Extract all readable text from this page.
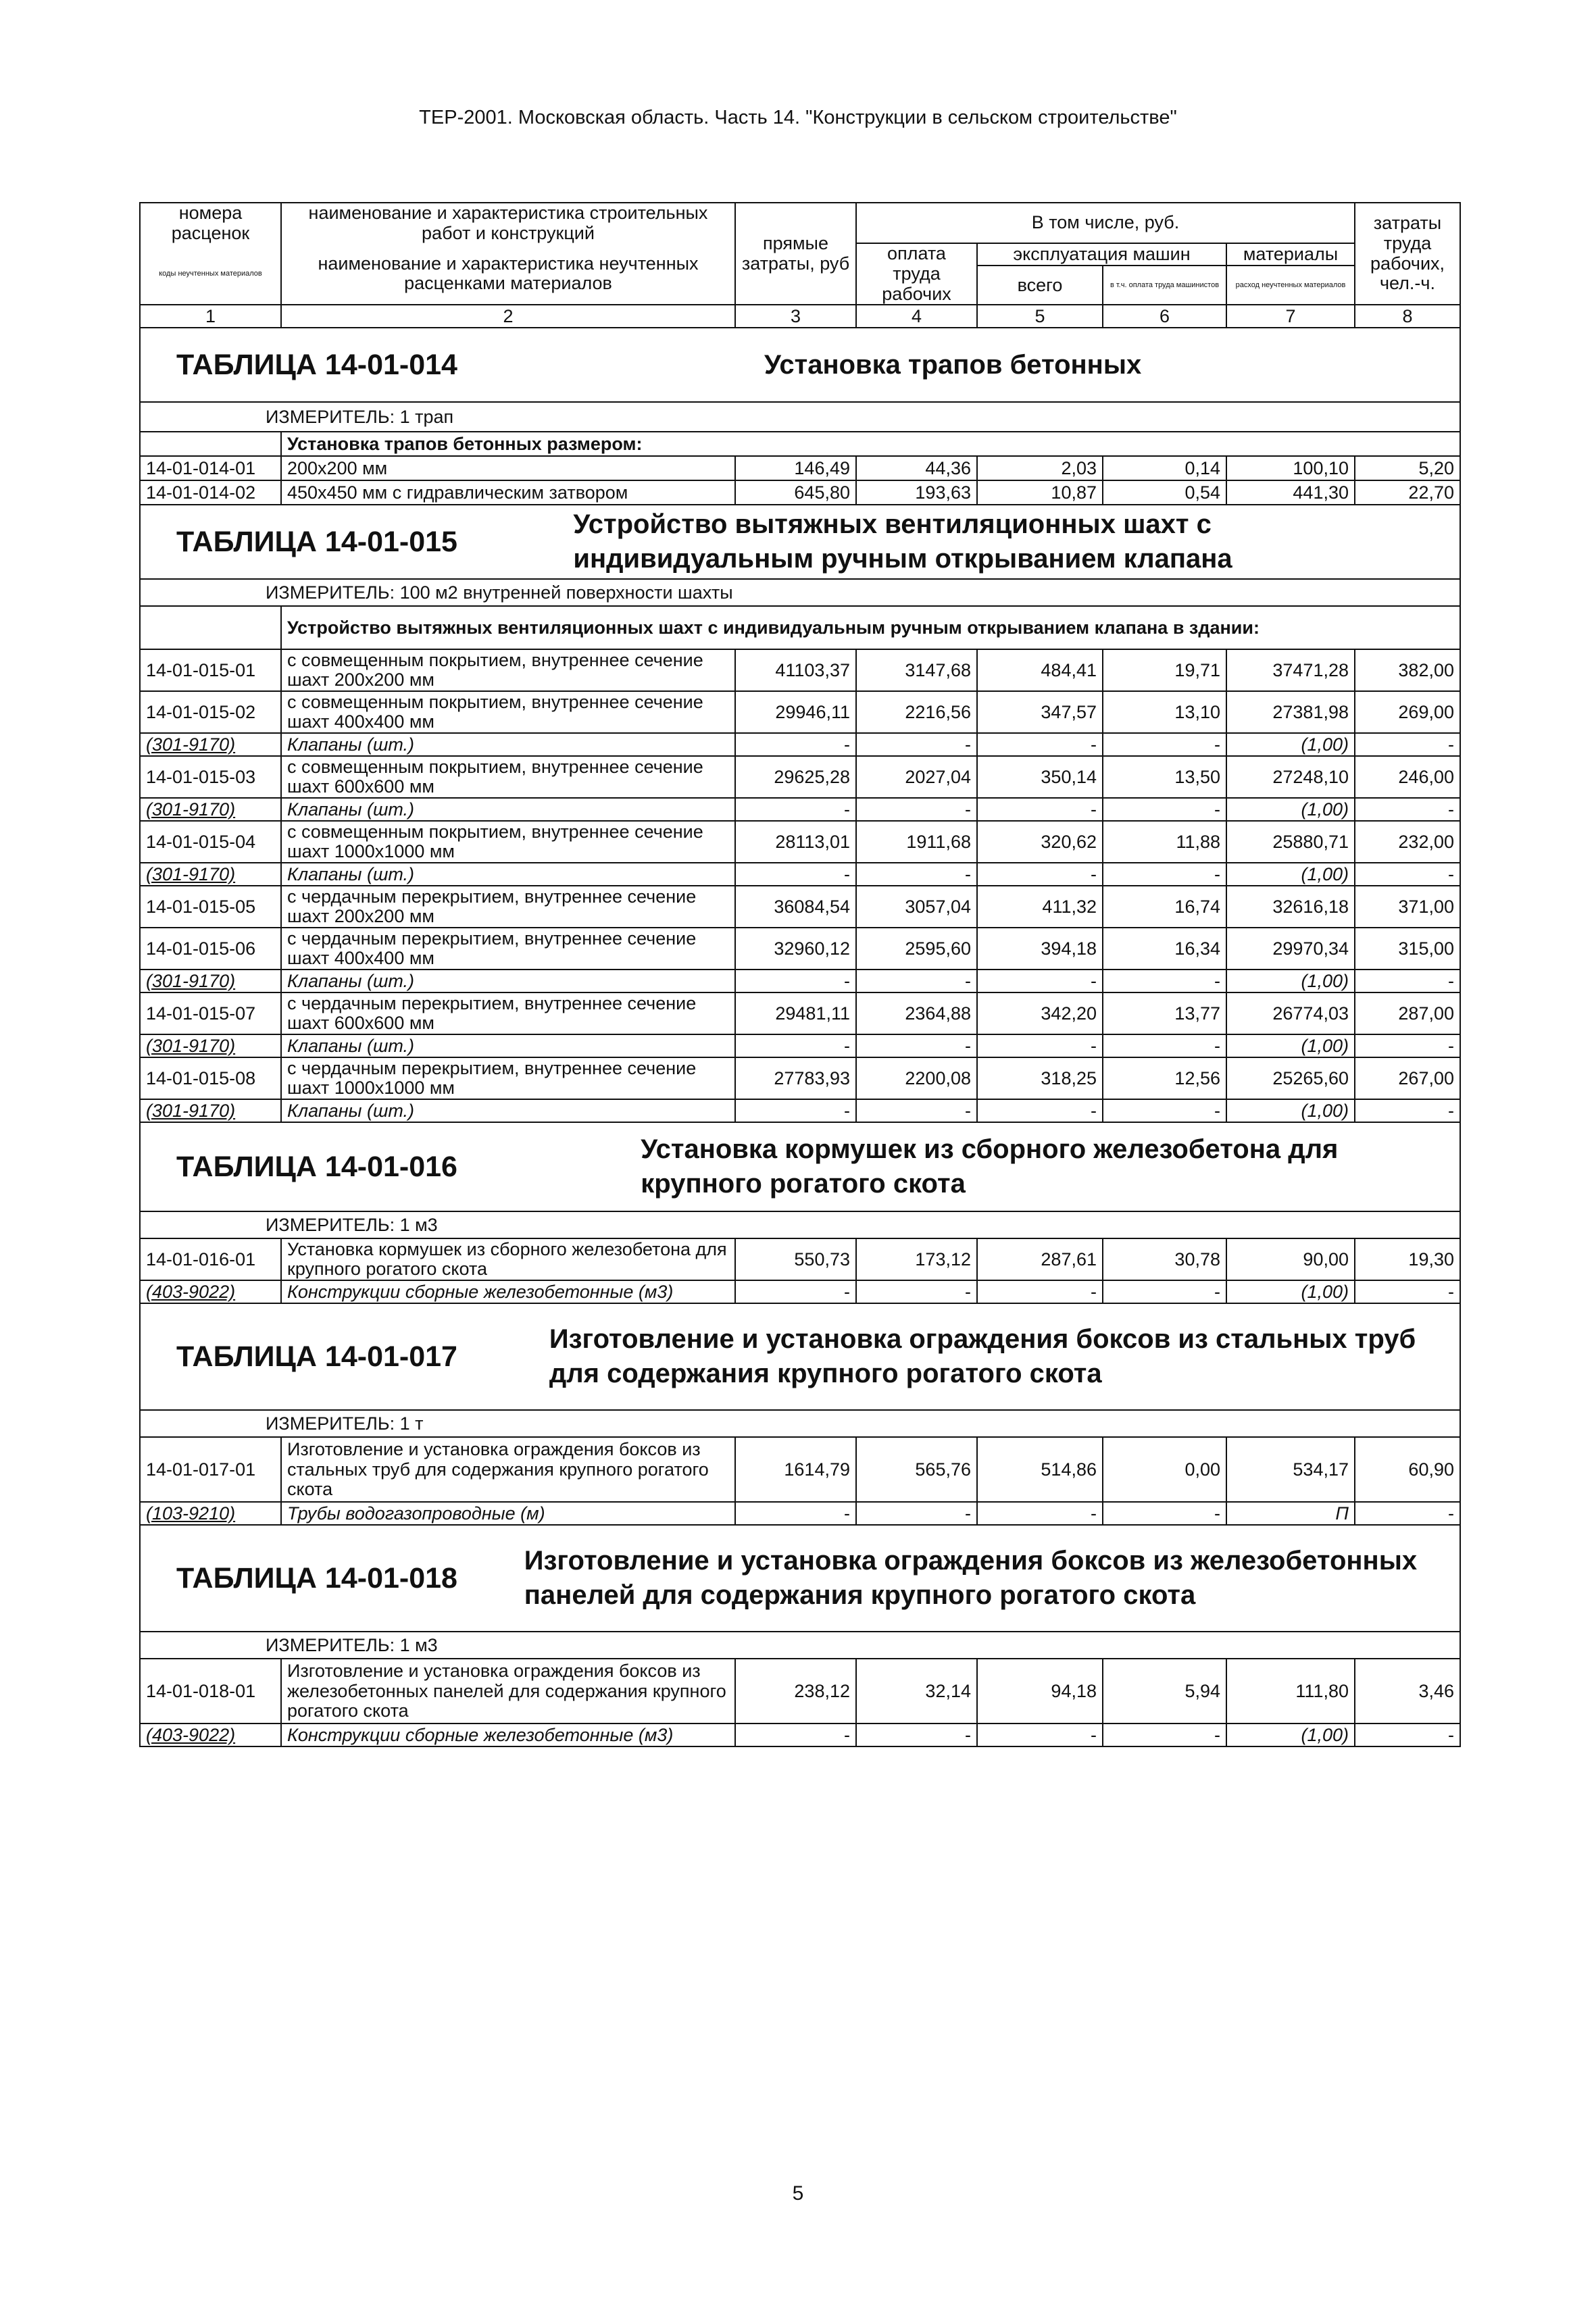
ТЕР-2001. Московская область. Часть 14. "Конструкции в сельском строительстве"
номера расценок	наименование и характеристика строительных работ и конструкций	прямые затраты, руб	В том числе, руб.				затраты труда рабочих, чел.-ч.

коды неучтенных материалов	наименование и характеристика неучтенных расценками материалов		оплата труда рабочих	эксплуатация машин		материалы	
				всего	в т.ч. оплата труда машинистов	расход неучтенных материалов	

1	2	3	4	5	6	7	8

ТАБЛИЦА 14-01-014 Установка трапов бетонных							

ИЗМЕРИТЕЛЬ: 1 трап							
	Установка трапов бетонных размером:						
14-01-014-01	200х200 мм	146,49	44,36	2,03	0,14	100,10	5,20
14-01-014-02	450х450 мм с гидравлическим затвором	645,80	193,63	10,87	0,54	441,30	22,70

ТАБЛИЦА 14-01-015
Устройство вытяжных вентиляционных шахт с индивидуальным ручным открыванием клапана							

ИЗМЕРИТЕЛЬ: 100 м2 внутренней поверхности шахты							
	Устройство вытяжных вентиляционных шахт с индивидуальным ручным открыванием клапана в здании:						
14-01-015-01	с совмещенным покрытием, внутреннее сечение шахт 200х200 мм	41103,37	3147,68	484,41	19,71	37471,28	382,00
14-01-015-02	с совмещенным покрытием, внутреннее сечение шахт 400х400 мм	29946,11	2216,56	347,57	13,10	27381,98	269,00
(301-9170)	Клапаны (шт.)	-	-	-	-	(1,00)	-
14-01-015-03	с совмещенным покрытием, внутреннее сечение шахт 600х600 мм	29625,28	2027,04	350,14	13,50	27248,10	246,00
(301-9170)	Клапаны (шт.)	-	-	-	-	(1,00)	-
14-01-015-04	с совмещенным покрытием, внутреннее сечение шахт 1000х1000 мм	28113,01	1911,68	320,62	11,88	25880,71	232,00
(301-9170)	Клапаны (шт.)	-	-	-	-	(1,00)	-
14-01-015-05	с чердачным перекрытием, внутреннее сечение шахт 200х200 мм	36084,54	3057,04	411,32	16,74	32616,18	371,00
14-01-015-06	с чердачным перекрытием, внутреннее сечение шахт 400х400 мм	32960,12	2595,60	394,18	16,34	29970,34	315,00
(301-9170)	Клапаны (шт.)	-	-	-	-	(1,00)	-
14-01-015-07	с чердачным перекрытием, внутреннее сечение шахт 600х600 мм	29481,11	2364,88	342,20	13,77	26774,03	287,00
(301-9170)	Клапаны (шт.)	-	-	-	-	(1,00)	-
14-01-015-08	с чердачным перекрытием, внутреннее сечение шахт 1000х1000 мм	27783,93	2200,08	318,25	12,56	25265,60	267,00
(301-9170)	Клапаны (шт.)	-	-	-	-	(1,00)	-

ТАБЛИЦА 14-01-016
Установка кормушек из сборного железобетона для крупного рогатого скота							

ИЗМЕРИТЕЛЬ: 1 м3							
14-01-016-01	Установка кормушек из сборного железобетона для крупного рогатого скота	550,73	173,12	287,61	30,78	90,00	19,30
(403-9022)	Конструкции сборные железобетонные (м3)	-	-	-	-	(1,00)	-

ТАБЛИЦА 14-01-017
Изготовление и установка ограждения боксов из стальных труб для содержания крупного рогатого скота							

ИЗМЕРИТЕЛЬ: 1 т							
14-01-017-01	Изготовление и установка ограждения боксов из стальных труб для содержания крупного рогатого скота	1614,79	565,76	514,86	0,00	534,17	60,90
(103-9210)	Трубы водогазопроводные (м)	-	-	-	-	П	-

ТАБЛИЦА 14-01-018
Изготовление и установка ограждения боксов из железобетонных панелей для содержания крупного рогатого скота							

ИЗМЕРИТЕЛЬ: 1 м3							
14-01-018-01	Изготовление и установка ограждения боксов из железобетонных панелей для содержания крупного рогатого скота	238,12	32,14	94,18	5,94	111,80	3,46
(403-9022)	Конструкции сборные железобетонные (м3)	-	-	-	-	(1,00)	-
5
